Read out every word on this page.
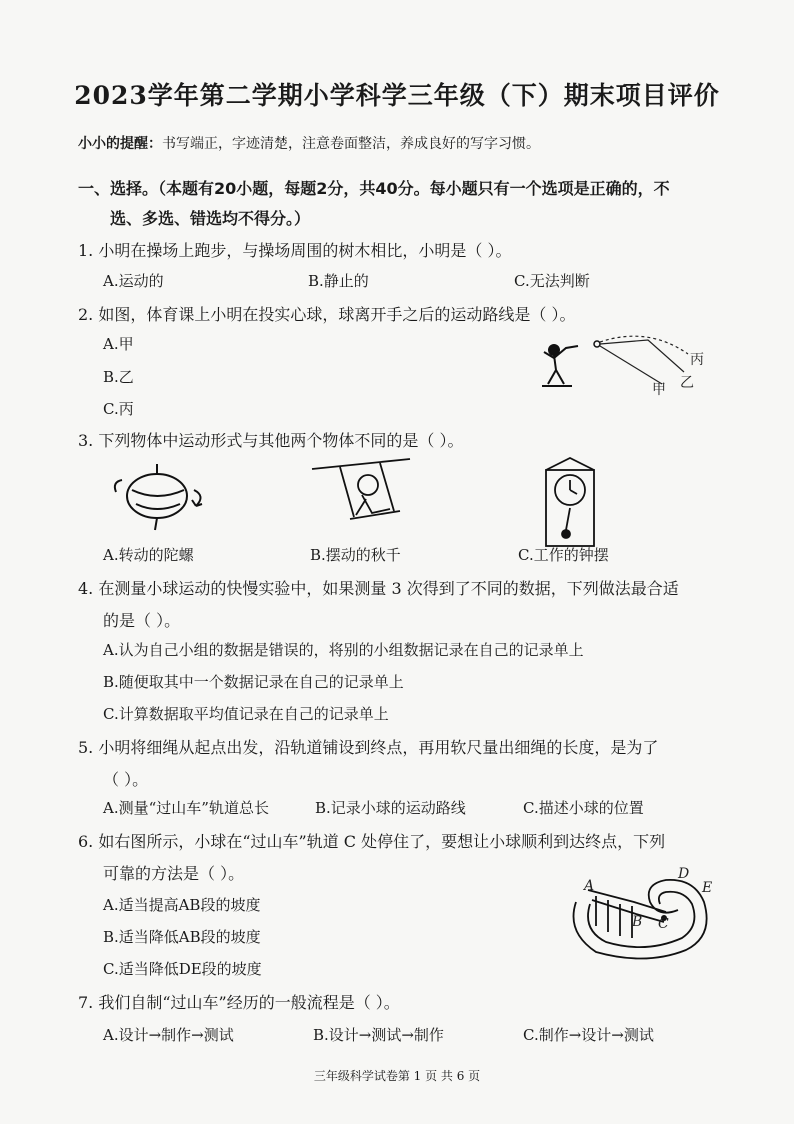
2023学年第二学期小学科学三年级（下）期末项目评价
小小的提醒：书写端正，字迹清楚，注意卷面整洁，养成良好的写字习惯。
一、选择。（本题有20小题，每题2分，共40分。每小题只有一个选项是正确的，不
选、多选、错选均不得分。）
1. 小明在操场上跑步，与操场周围的树木相比，小明是（ ）。
A.运动的	B.静止的	C.无法判断
2. 如图，体育课上小明在投实心球，球离开手之后的运动路线是（ ）。
A.甲
B.乙
C.丙
丙
乙
甲
3. 下列物体中运动形式与其他两个物体不同的是（ ）。
A.转动的陀螺	B.摆动的秋千	C.工作的钟摆
4. 在测量小球运动的快慢实验中，如果测量 3 次得到了不同的数据，下列做法最合适
的是（ ）。
A.认为自己小组的数据是错误的，将别的小组数据记录在自己的记录单上
B.随便取其中一个数据记录在自己的记录单上
C.计算数据取平均值记录在自己的记录单上
5. 小明将细绳从起点出发，沿轨道铺设到终点，再用软尺量出细绳的长度，是为了
（ ）。
A.测量“过山车”轨道总长	B.记录小球的运动路线	C.描述小球的位置
6. 如右图所示，小球在“过山车”轨道 C 处停住了，要想让小球顺利到达终点，下列
可靠的方法是（ ）。
A.适当提高AB段的坡度
B.适当降低AB段的坡度
C.适当降低DE段的坡度
A
B C
D
E
7. 我们自制“过山车”经历的一般流程是（ ）。
A.设计→制作→测试	B.设计→测试→制作	C.制作→设计→测试
三年级科学试卷第 1 页 共 6 页
